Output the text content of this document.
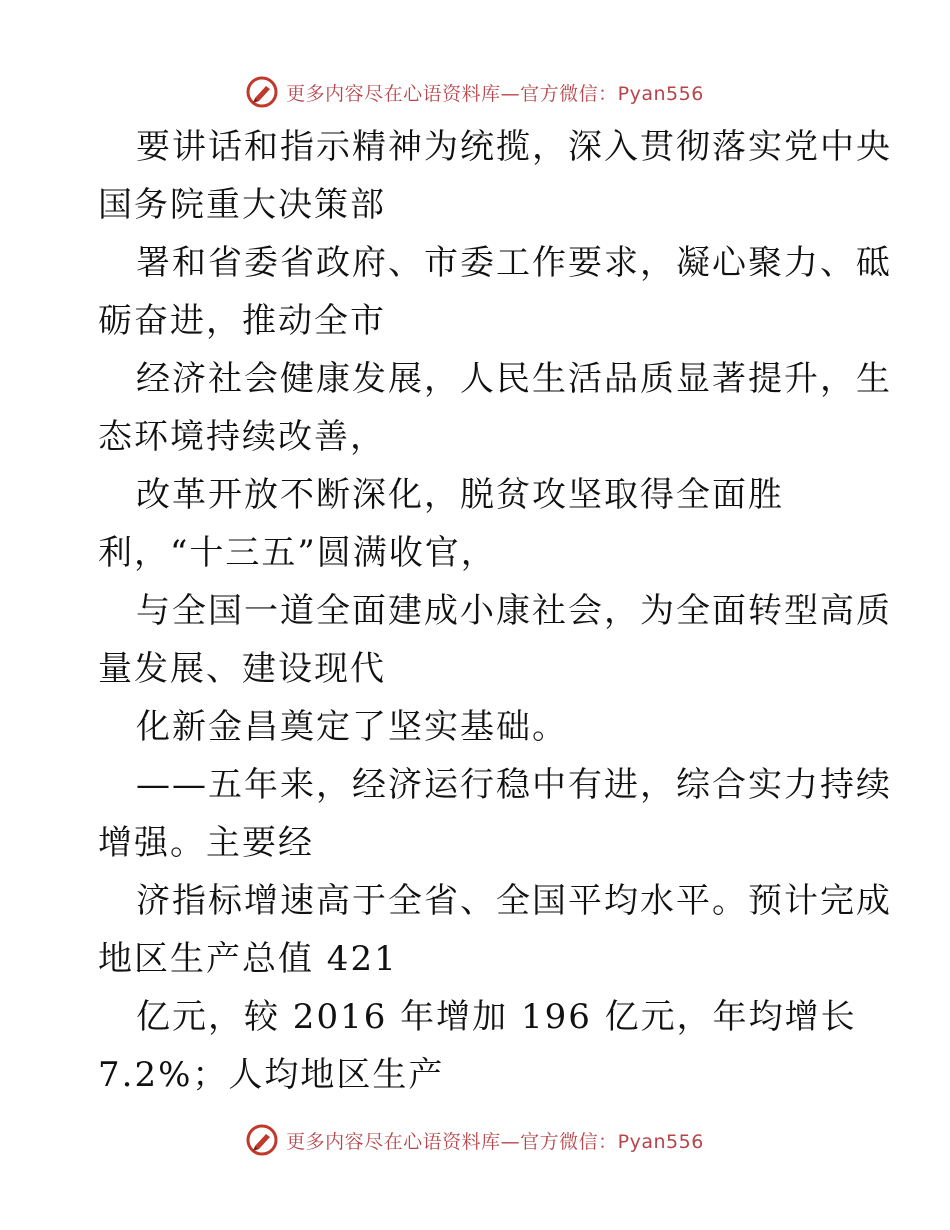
更多内容尽在心语资料库—官方微信：Pyan556
要讲话和指示精神为统揽，深入贯彻落实党中央
国务院重大决策部
署和省委省政府、市委工作要求，凝心聚力、砥
砺奋进，推动全市
经济社会健康发展，人民生活品质显著提升，生
态环境持续改善，
改革开放不断深化，脱贫攻坚取得全面胜
利，“十三五”圆满收官，
与全国一道全面建成小康社会，为全面转型高质
量发展、建设现代
化新金昌奠定了坚实基础。
——五年来，经济运行稳中有进，综合实力持续
增强。主要经
济指标增速高于全省、全国平均水平。预计完成
地区生产总值 421
亿元，较 2016 年增加 196 亿元，年均增长
7.2%；人均地区生产
更多内容尽在心语资料库—官方微信：Pyan556
